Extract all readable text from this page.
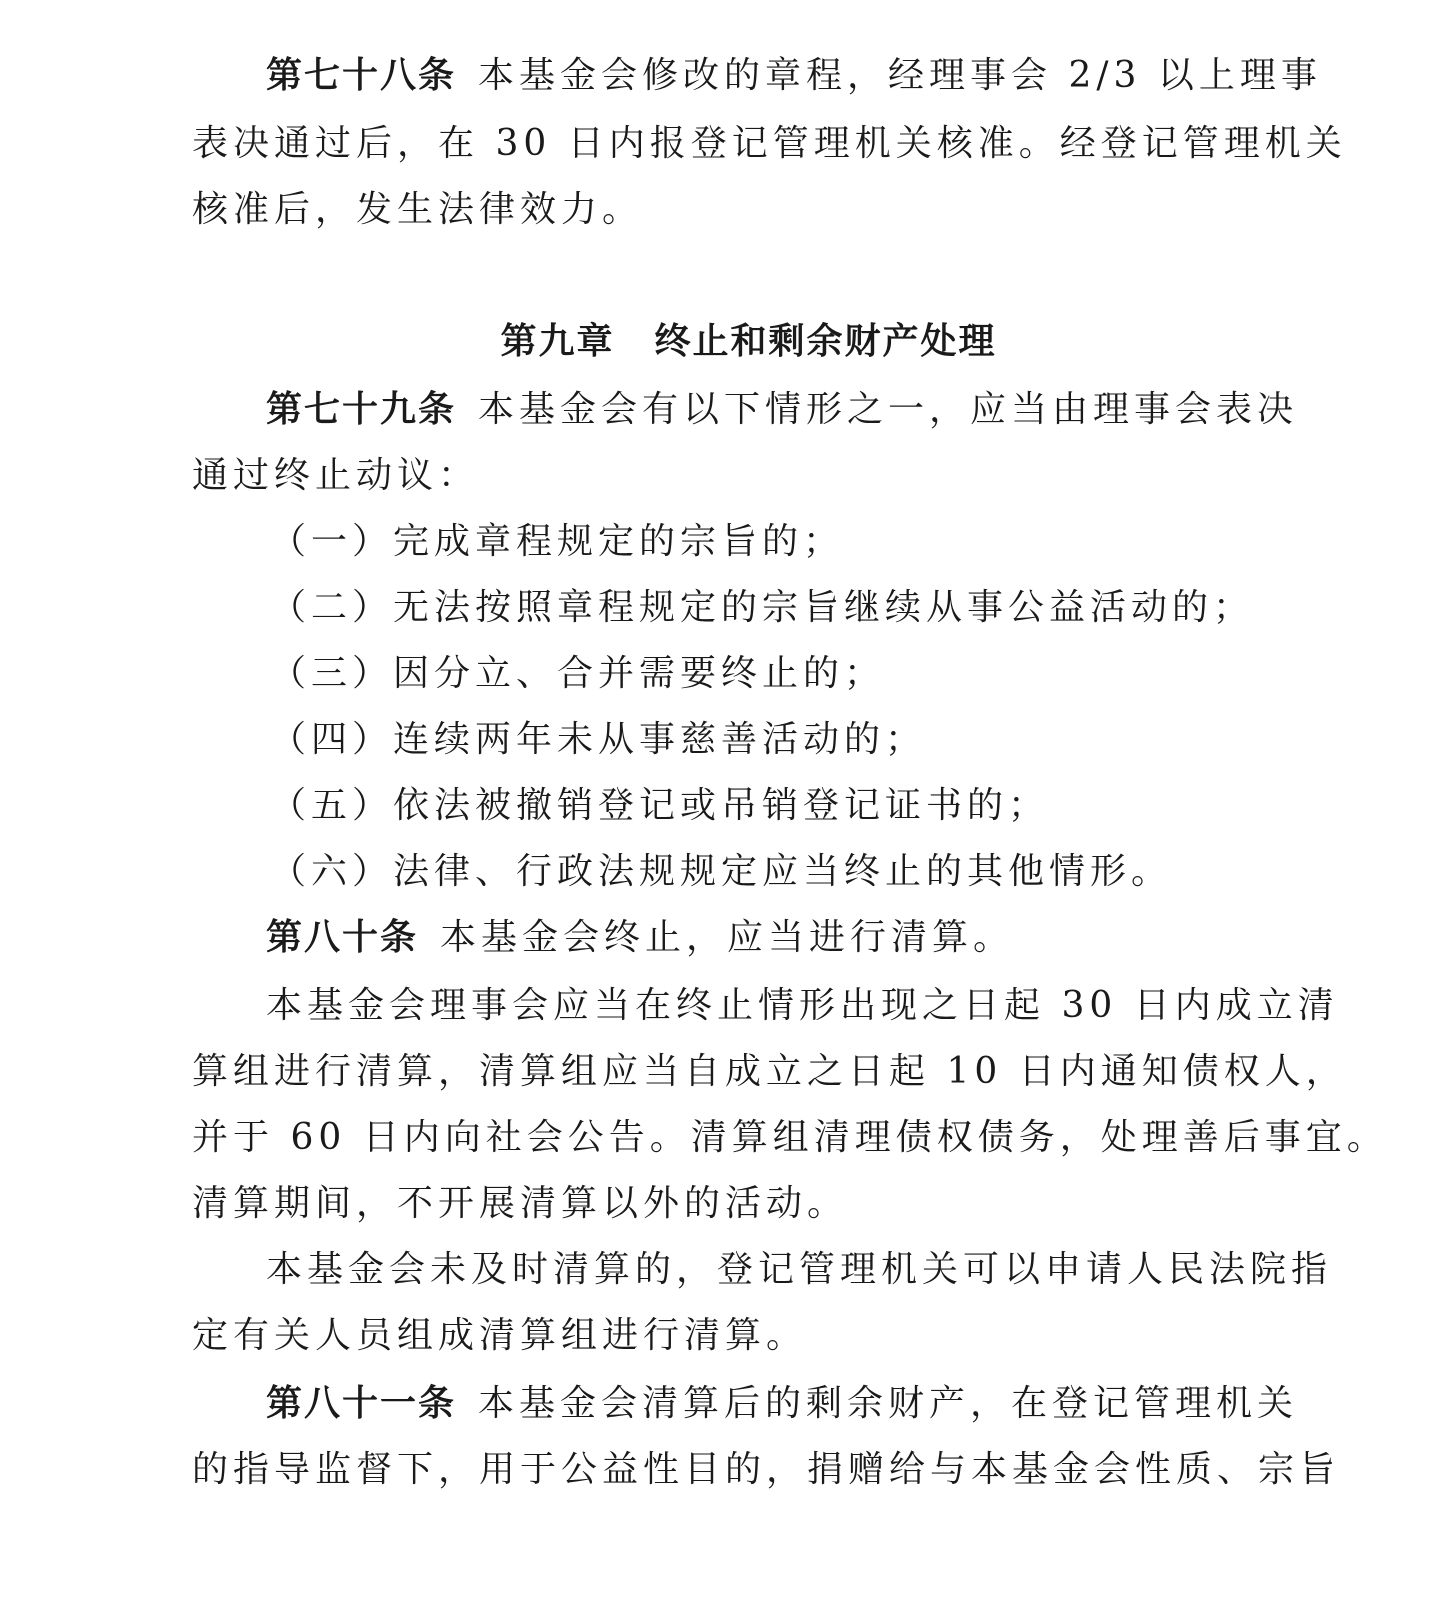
第七十八条 本基金会修改的章程，经理事会 2/3 以上理事
表决通过后，在 30 日内报登记管理机关核准。经登记管理机关
核准后，发生法律效力。
第九章 终止和剩余财产处理
第七十九条 本基金会有以下情形之一，应当由理事会表决
通过终止动议：
（一）完成章程规定的宗旨的；
（二）无法按照章程规定的宗旨继续从事公益活动的；
（三）因分立、合并需要终止的；
（四）连续两年未从事慈善活动的；
（五）依法被撤销登记或吊销登记证书的；
（六）法律、行政法规规定应当终止的其他情形。
第八十条 本基金会终止，应当进行清算。
本基金会理事会应当在终止情形出现之日起 30 日内成立清
算组进行清算，清算组应当自成立之日起 10 日内通知债权人，
并于 60 日内向社会公告。清算组清理债权债务，处理善后事宜。
清算期间，不开展清算以外的活动。
本基金会未及时清算的，登记管理机关可以申请人民法院指
定有关人员组成清算组进行清算。
第八十一条 本基金会清算后的剩余财产，在登记管理机关
的指导监督下，用于公益性目的，捐赠给与本基金会性质、宗旨
